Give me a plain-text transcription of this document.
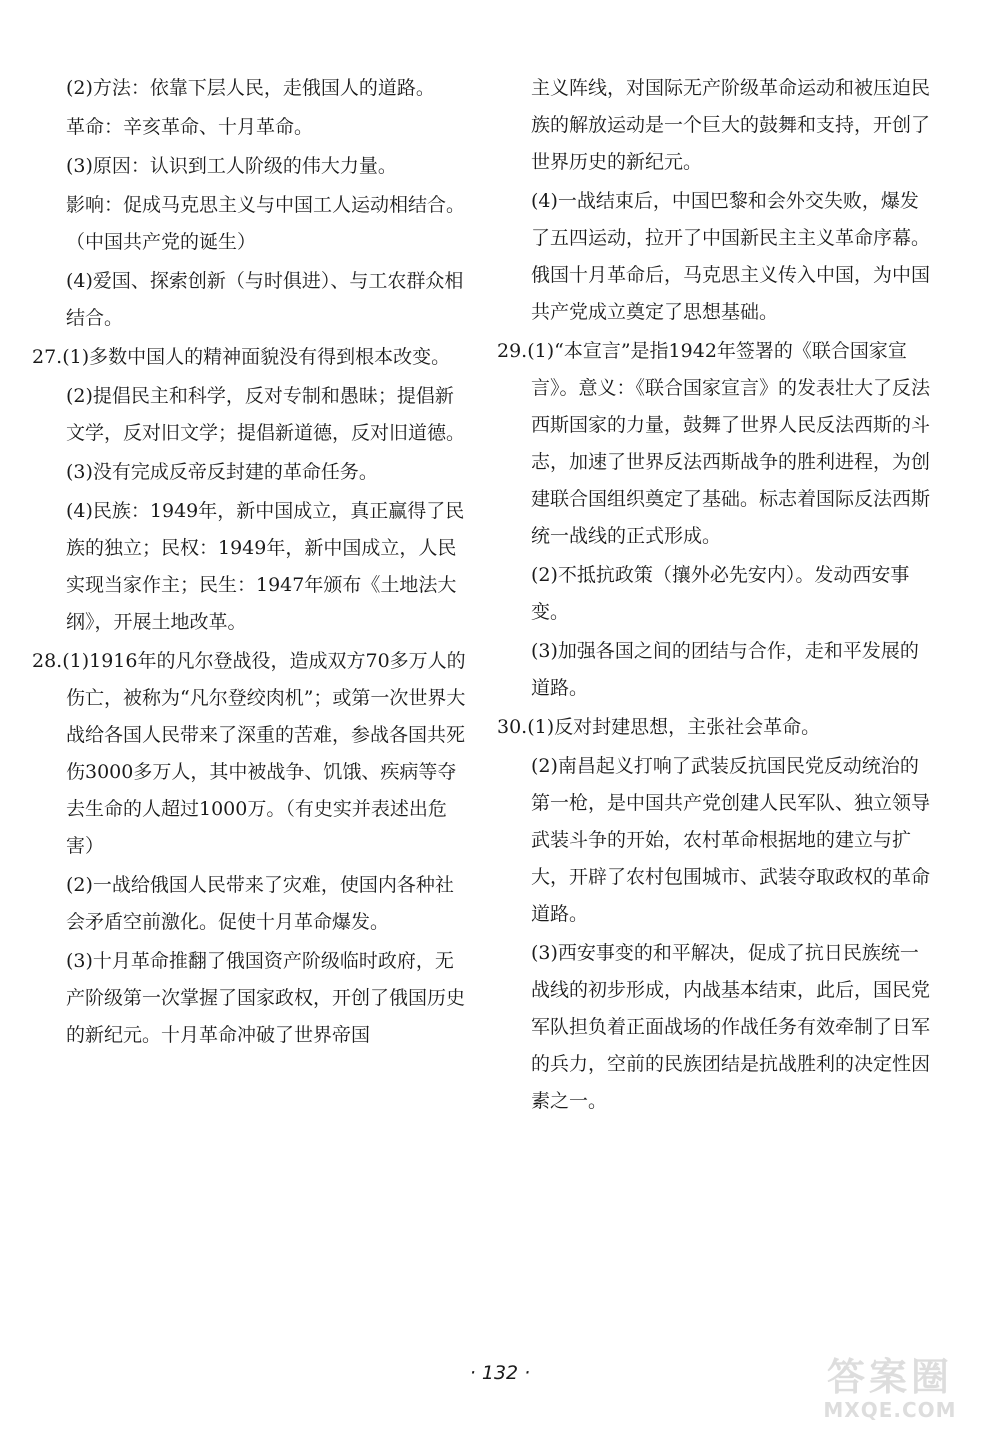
(2)方法：依靠下层人民，走俄国人的道路。

革命：辛亥革命、十月革命。

(3)原因：认识到工人阶级的伟大力量。

影响：促成马克思主义与中国工人运动相结合。（中国共产党的诞生）

(4)爱国、探索创新（与时俱进）、与工农群众相结合。

27.(1)多数中国人的精神面貌没有得到根本改变。

(2)提倡民主和科学，反对专制和愚昧；提倡新文学，反对旧文学；提倡新道德，反对旧道德。

(3)没有完成反帝反封建的革命任务。

(4)民族：1949年，新中国成立，真正赢得了民族的独立；民权：1949年，新中国成立，人民实现当家作主；民生：1947年颁布《土地法大纲》，开展土地改革。

28.(1)1916年的凡尔登战役，造成双方70多万人的伤亡，被称为“凡尔登绞肉机”；或第一次世界大战给各国人民带来了深重的苦难，参战各国共死伤3000多万人，其中被战争、饥饿、疾病等夺去生命的人超过1000万。（有史实并表述出危害）

(2)一战给俄国人民带来了灾难，使国内各种社会矛盾空前激化。促使十月革命爆发。

(3)十月革命推翻了俄国资产阶级临时政府，无产阶级第一次掌握了国家政权，开创了俄国历史的新纪元。十月革命冲破了世界帝国

主义阵线，对国际无产阶级革命运动和被压迫民族的解放运动是一个巨大的鼓舞和支持，开创了世界历史的新纪元。

(4)一战结束后，中国巴黎和会外交失败，爆发了五四运动，拉开了中国新民主主义革命序幕。俄国十月革命后，马克思主义传入中国，为中国共产党成立奠定了思想基础。

29.(1)“本宣言”是指1942年签署的《联合国家宣言》。意义：《联合国家宣言》的发表壮大了反法西斯国家的力量，鼓舞了世界人民反法西斯的斗志，加速了世界反法西斯战争的胜利进程，为创建联合国组织奠定了基础。标志着国际反法西斯统一战线的正式形成。

(2)不抵抗政策（攘外必先安内）。发动西安事变。

(3)加强各国之间的团结与合作，走和平发展的道路。

30.(1)反对封建思想，主张社会革命。

(2)南昌起义打响了武装反抗国民党反动统治的第一枪，是中国共产党创建人民军队、独立领导武装斗争的开始，农村革命根据地的建立与扩大，开辟了农村包围城市、武装夺取政权的革命道路。

(3)西安事变的和平解决，促成了抗日民族统一战线的初步形成，内战基本结束，此后，国民党军队担负着正面战场的作战任务有效牵制了日军的兵力，空前的民族团结是抗战胜利的决定性因素之一。

· 132 ·	答案圈
MXQE.COM
